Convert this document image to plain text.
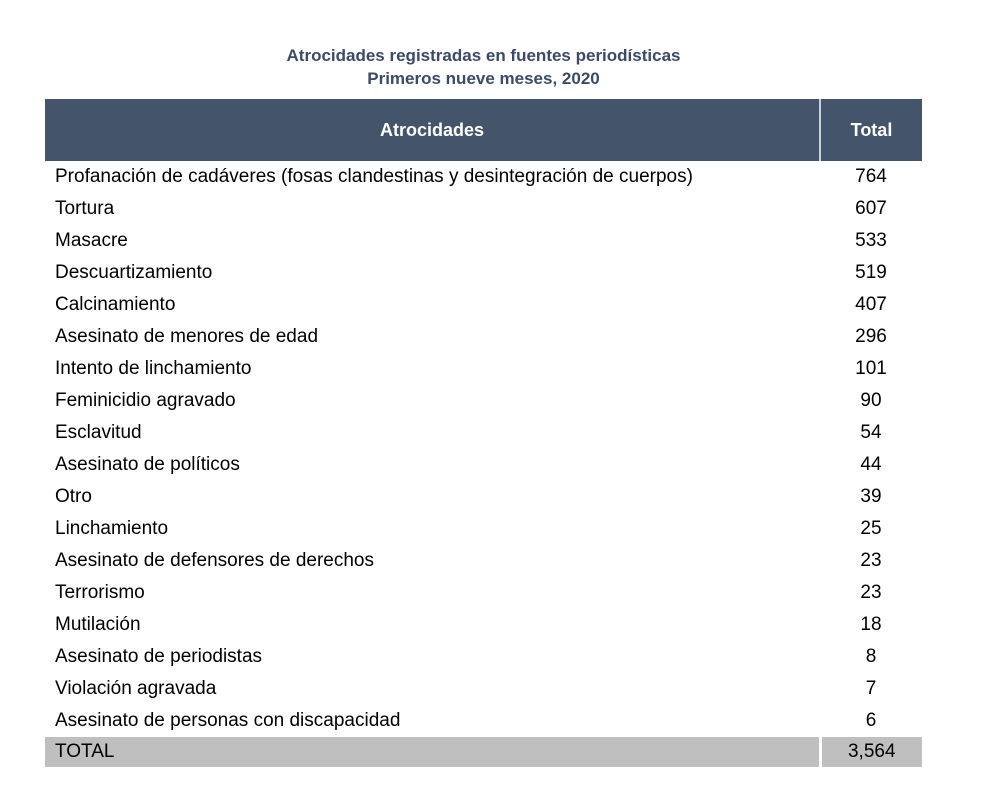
Atrocidades registradas en fuentes periodísticas
Primeros nueve meses, 2020
Atrocidades	Total
Profanación de cadáveres (fosas clandestinas y desintegración de cuerpos)	764
Tortura	607
Masacre	533
Descuartizamiento	519
Calcinamiento	407
Asesinato de menores de edad	296
Intento de linchamiento	101
Feminicidio agravado	90
Esclavitud	54
Asesinato de políticos	44
Otro	39
Linchamiento	25
Asesinato de defensores de derechos	23
Terrorismo	23
Mutilación	18
Asesinato de periodistas	8
Violación agravada	7
Asesinato de personas con discapacidad	6
TOTAL	3,564
